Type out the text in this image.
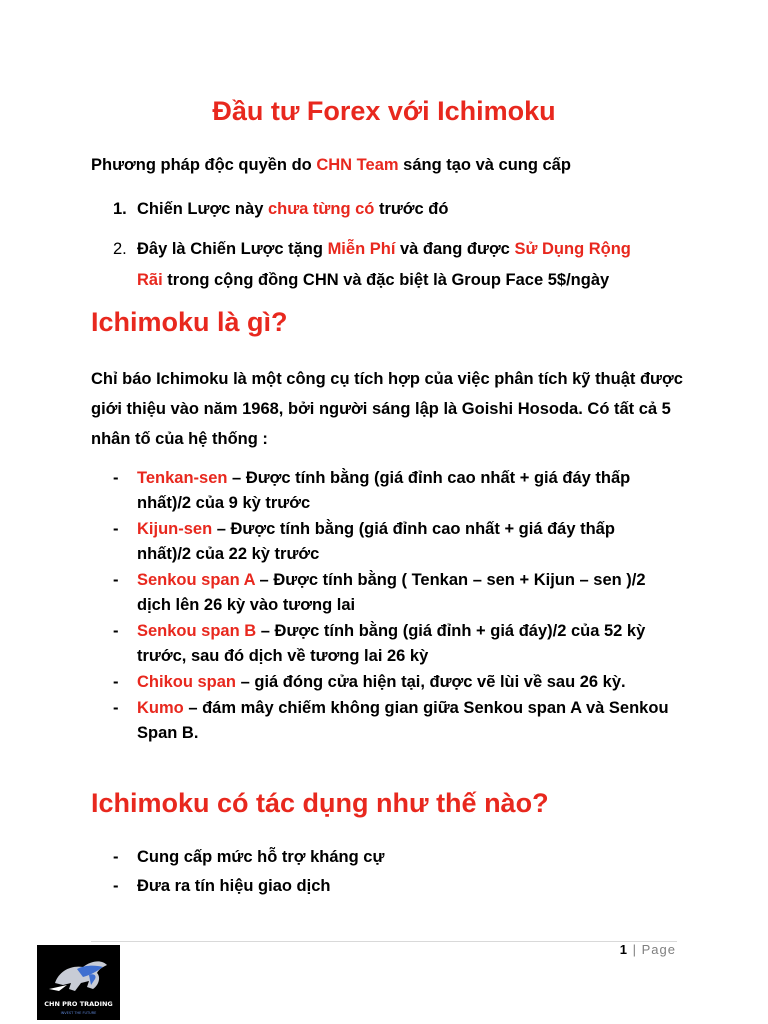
Đầu tư Forex với Ichimoku
Phương pháp độc quyền do CHN Team sáng tạo và cung cấp
1. Chiến Lược này chưa từng có trước đó
2. Đây là Chiến Lược tặng Miễn Phí và đang được Sử Dụng Rộng Rãi trong cộng đồng CHN và đặc biệt là Group Face 5$/ngày
Ichimoku là gì?
Chỉ báo Ichimoku là một công cụ tích hợp của việc phân tích kỹ thuật được giới thiệu vào năm 1968, bởi người sáng lập là Goishi Hosoda. Có tất cả 5 nhân tố của hệ thống :
- Tenkan-sen – Được tính bằng (giá đỉnh cao nhất + giá đáy thấp nhất)/2 của 9 kỳ trước
- Kijun-sen – Được tính bằng (giá đỉnh cao nhất + giá đáy thấp nhất)/2 của 22 kỳ trước
- Senkou span A – Được tính bằng ( Tenkan – sen + Kijun – sen )/2 dịch lên 26 kỳ vào tương lai
- Senkou span B – Được tính bằng (giá đỉnh + giá đáy)/2 của 52 kỳ trước, sau đó dịch về tương lai 26 kỳ
- Chikou span – giá đóng cửa hiện tại, được vẽ lùi về sau 26 kỳ.
- Kumo – đám mây chiếm không gian giữa Senkou span A và Senkou Span B.
Ichimoku có tác dụng như thế nào?
- Cung cấp mức hỗ trợ kháng cự
- Đưa ra tín hiệu giao dịch
1 | Page
CHN PRO TRADING
INVEST THE FUTURE
